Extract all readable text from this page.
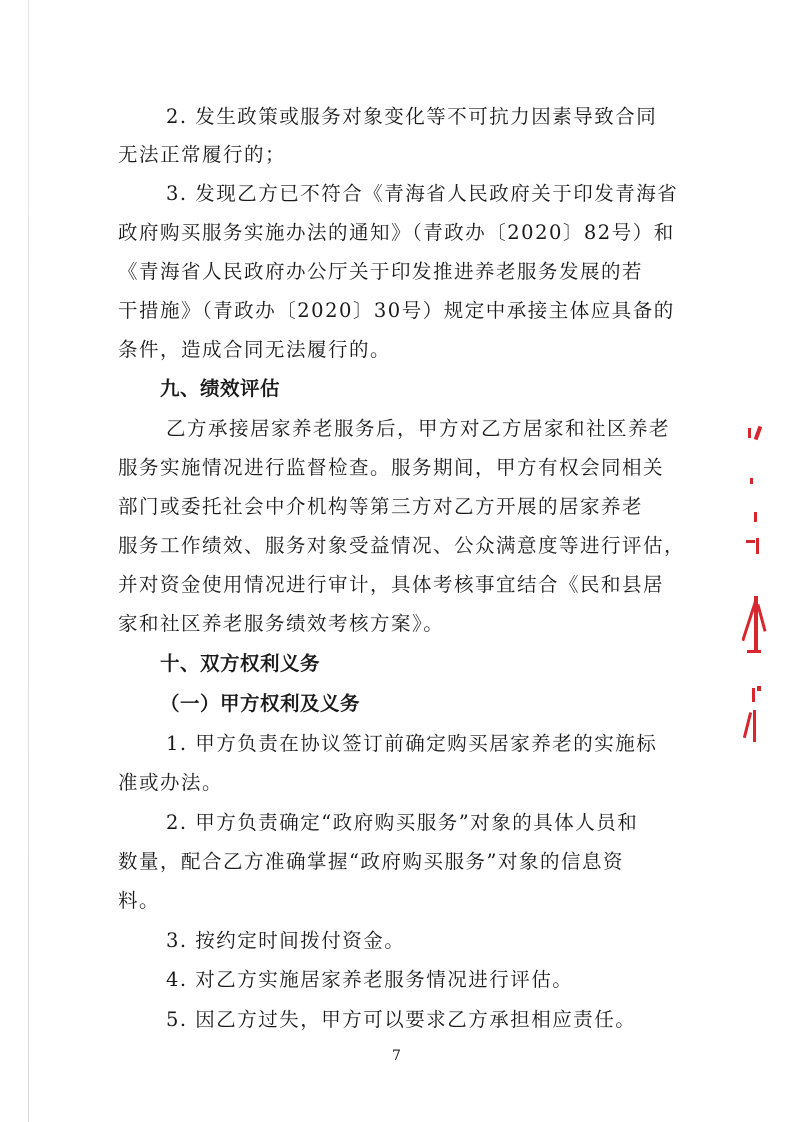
2. 发生政策或服务对象变化等不可抗力因素导致合同

无法正常履行的；

3. 发现乙方已不符合《青海省人民政府关于印发青海省

政府购买服务实施办法的通知》（青政办〔2020〕82号）和

《青海省人民政府办公厅关于印发推进养老服务发展的若

干措施》（青政办〔2020〕30号）规定中承接主体应具备的

条件，造成合同无法履行的。

九、绩效评估

乙方承接居家养老服务后，甲方对乙方居家和社区养老

服务实施情况进行监督检查。服务期间，甲方有权会同相关

部门或委托社会中介机构等第三方对乙方开展的居家养老

服务工作绩效、服务对象受益情况、公众满意度等进行评估，

并对资金使用情况进行审计，具体考核事宜结合《民和县居

家和社区养老服务绩效考核方案》。

十、双方权利义务

（一）甲方权利及义务

1. 甲方负责在协议签订前确定购买居家养老的实施标

准或办法。

2. 甲方负责确定“政府购买服务”对象的具体人员和

数量，配合乙方准确掌握“政府购买服务”对象的信息资

料。

3. 按约定时间拨付资金。

4. 对乙方实施居家养老服务情况进行评估。

5. 因乙方过失，甲方可以要求乙方承担相应责任。

7
